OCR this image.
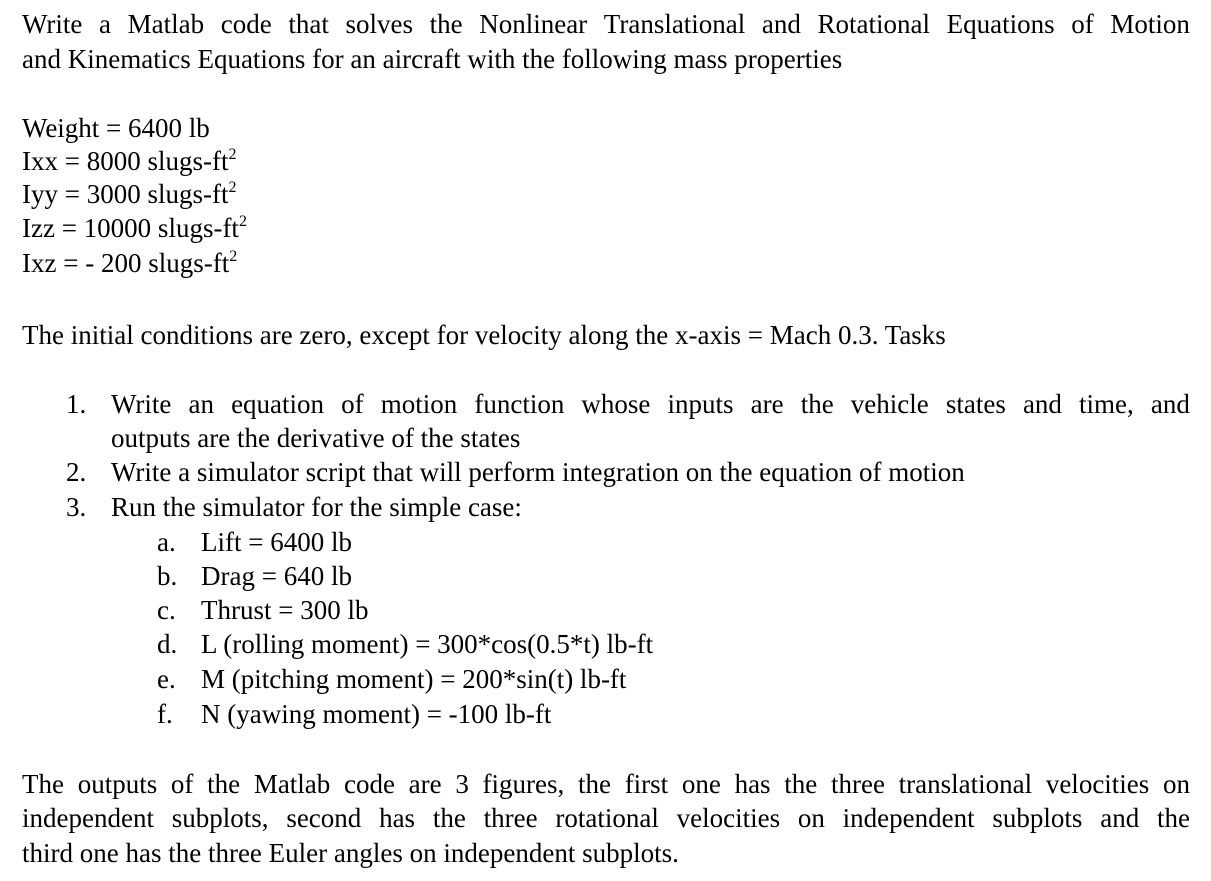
Write a Matlab code that solves the Nonlinear Translational and Rotational Equations of Motion
and Kinematics Equations for an aircraft with the following mass properties
Weight = 6400 lb
Ixx = 8000 slugs-$ft^2$
Iyy = 3000 slugs-$ft^2$
Izz = 10000 slugs-$ft^2$
Ixz = - 200 slugs-$ft^2$
The initial conditions are zero, except for velocity along the x-axis = Mach 0.3. Tasks
1. Write an equation of motion function whose inputs are the vehicle states and time, and
outputs are the derivative of the states
2. Write a simulator script that will perform integration on the equation of motion
3. Run the simulator for the simple case:
a. Lift = 6400 lb
b. Drag = 640 lb
c. Thrust = 300 lb
d. L (rolling moment) = 300*cos(0.5*t) lb-ft
e. M (pitching moment) = 200*sin(t) lb-ft
f. N (yawing moment) = -100 lb-ft
The outputs of the Matlab code are 3 figures, the first one has the three translational velocities on
independent subplots, second has the three rotational velocities on independent subplots and the
third one has the three Euler angles on independent subplots.
